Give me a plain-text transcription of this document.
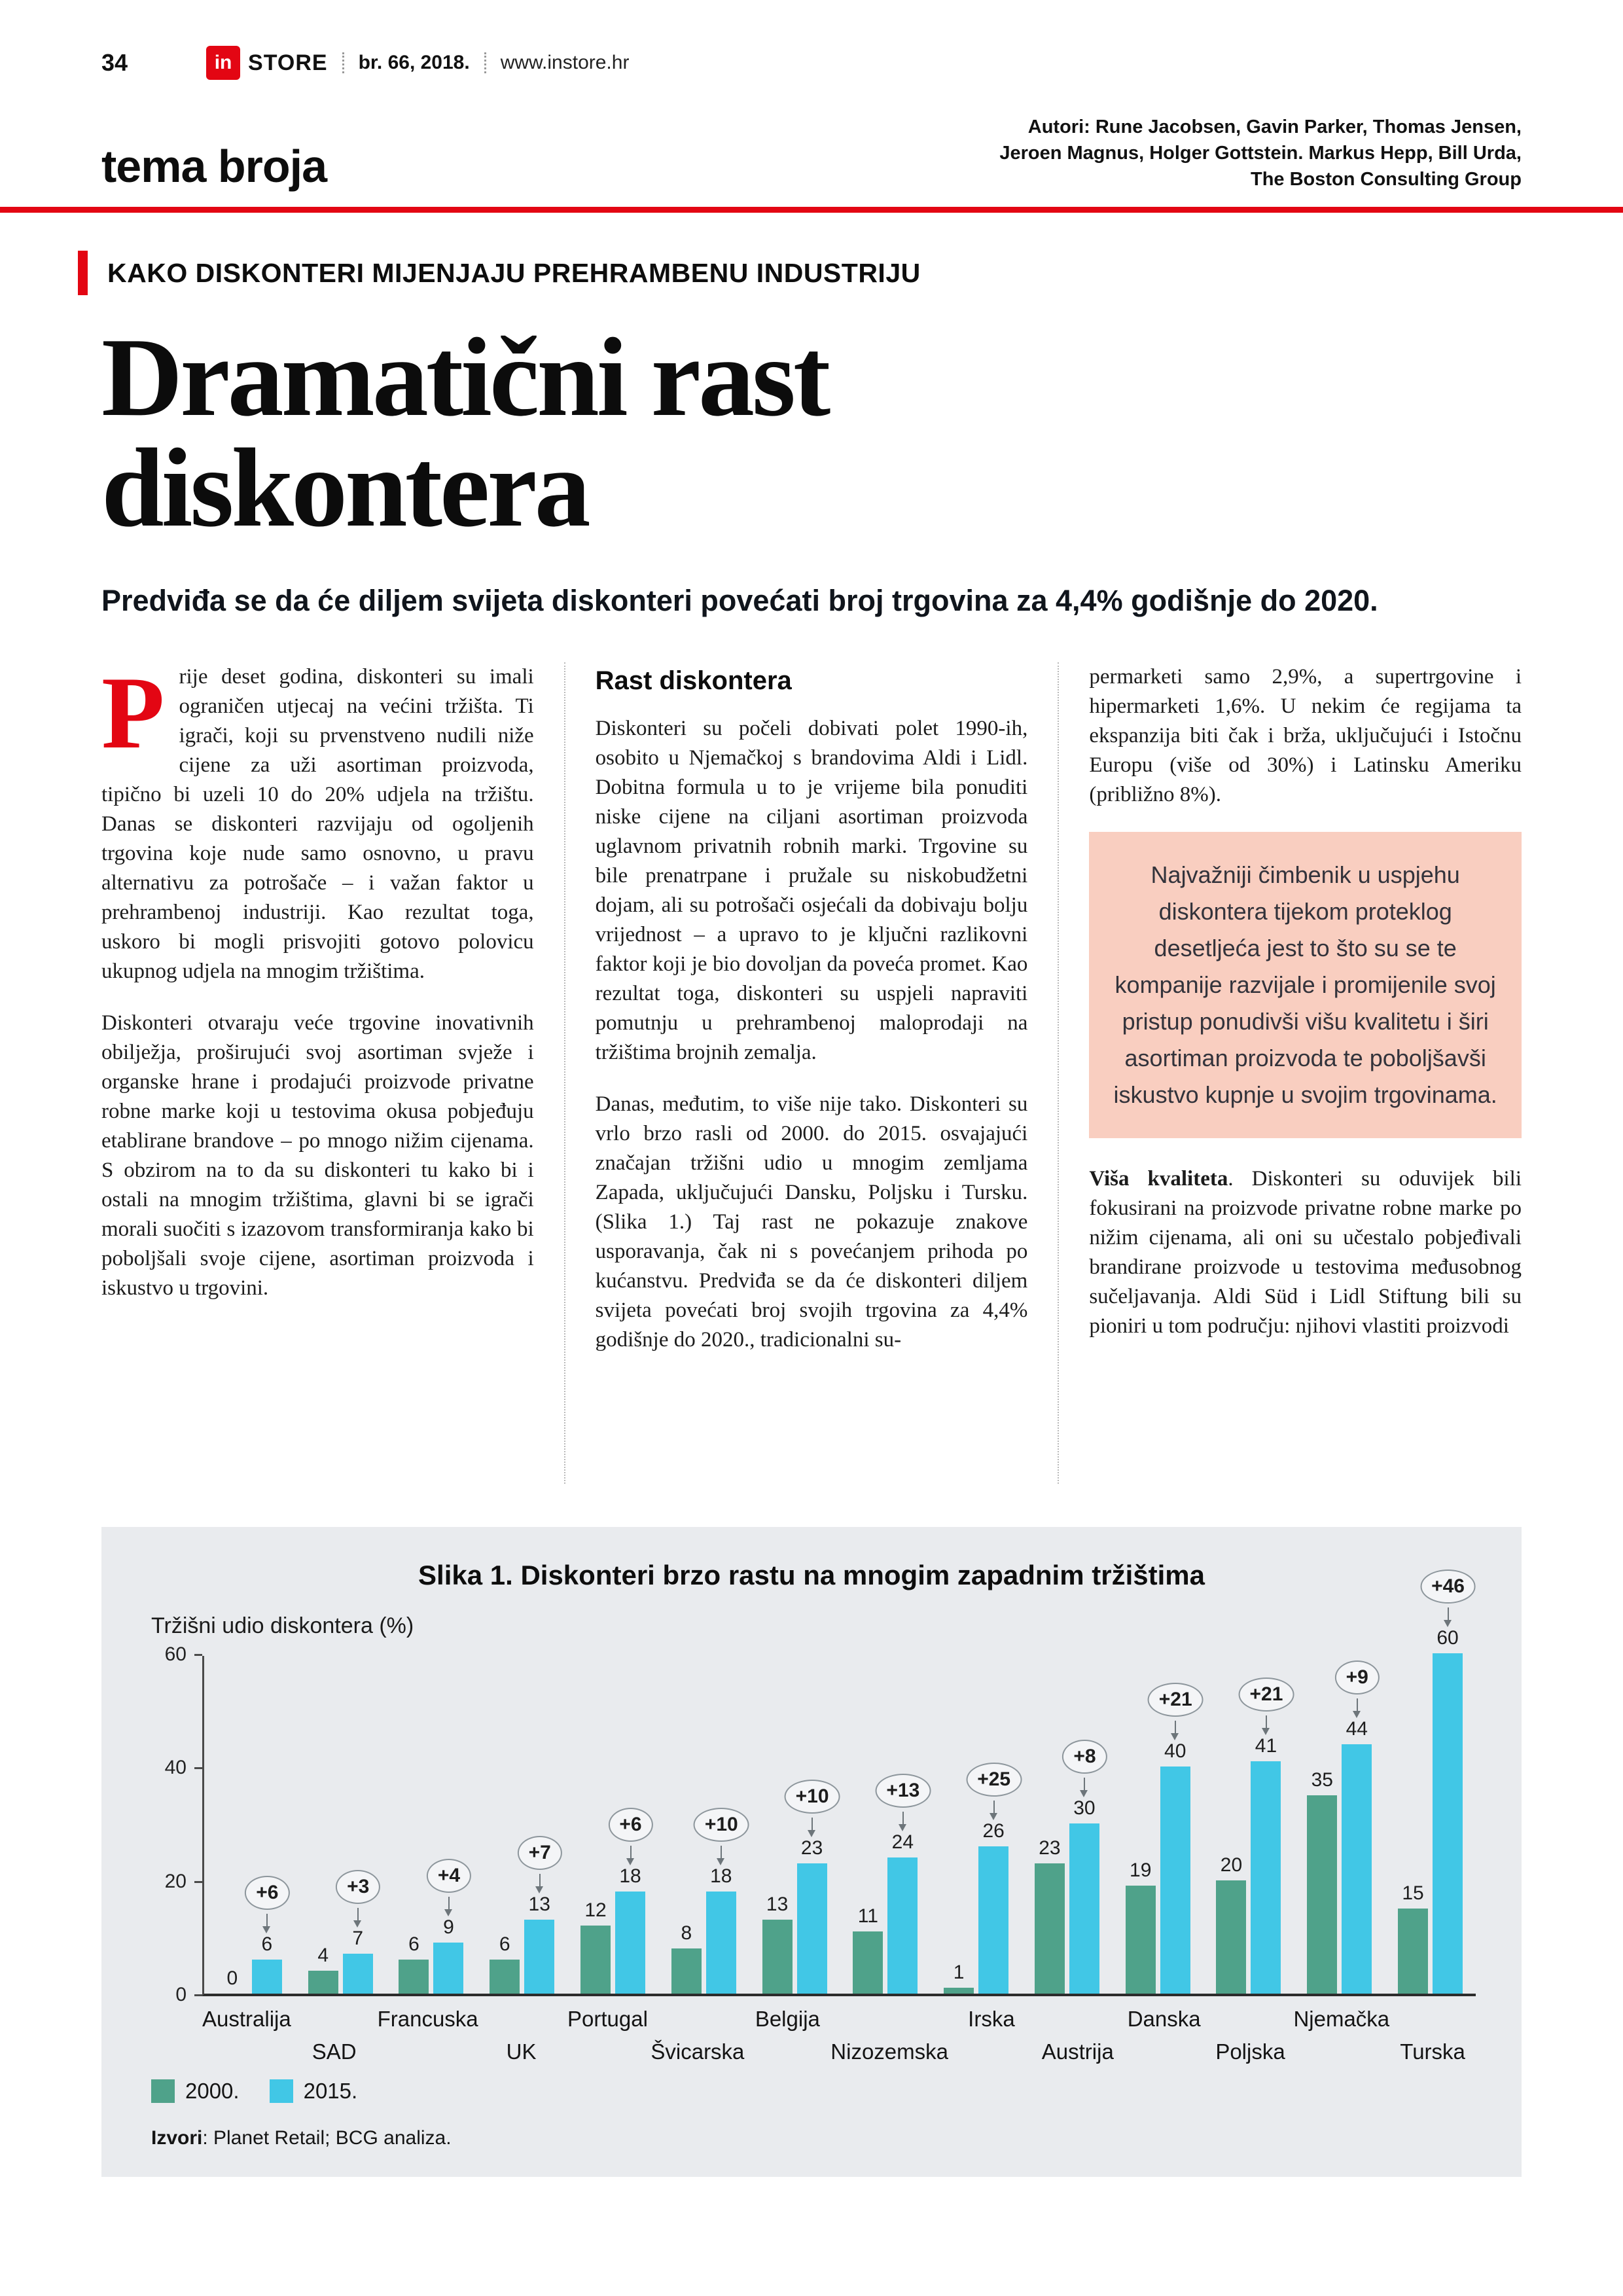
34	in STORE br. 66, 2018. www.instore.hr
tema broja
Autori: Rune Jacobsen, Gavin Parker, Thomas Jensen,
Jeroen Magnus, Holger Gottstein. Markus Hepp, Bill Urda,
The Boston Consulting Group
KAKO DISKONTERI MIJENJAJU PREHRAMBENU INDUSTRIJU
Dramatični rast
diskontera
Predviđa se da će diljem svijeta diskonteri povećati broj trgovina za 4,4% godišnje do 2020.

Prije deset godina, diskonteri su imali ograničen utjecaj na većini tržišta. Ti igrači, koji su prvenstveno nudili niže cijene za uži asortiman proizvoda, tipično bi uzeli 10 do 20% udjela na tržištu. Danas se diskonteri razvijaju od ogoljenih trgovina koje nude samo osnovno, u pravu alternativu za potrošače – i važan faktor u prehrambenoj industriji. Kao rezultat toga, uskoro bi mogli prisvojiti gotovo polovicu ukupnog udjela na mnogim tržištima.

Diskonteri otvaraju veće trgovine inovativnih obilježja, proširujući svoj asortiman svježe i organske hrane i prodajući proizvode privatne robne marke koji u testovima okusa pobjeđuju etablirane brandove – po mnogo nižim cijenama. S obzirom na to da su diskonteri tu kako bi i ostali na mnogim tržištima, glavni bi se igrači morali suočiti s izazovom transformiranja kako bi poboljšali svoje cijene, asortiman proizvoda i iskustvo u trgovini.

Rast diskontera

Diskonteri su počeli dobivati polet 1990-ih, osobito u Njemačkoj s brandovima Aldi i Lidl. Dobitna formula u to je vrijeme bila ponuditi niske cijene na ciljani asortiman proizvoda uglavnom privatnih robnih marki. Trgovine su bile prenatrpane i pružale su niskobudžetni dojam, ali su potrošači osjećali da dobivaju bolju vrijednost – a upravo to je ključni razlikovni faktor koji je bio dovoljan da poveća promet. Kao rezultat toga, diskonteri su uspjeli napraviti pomutnju u prehrambenoj maloprodaji na tržištima brojnih zemalja.

Danas, međutim, to više nije tako. Diskonteri su vrlo brzo rasli od 2000. do 2015. osvajajući značajan tržišni udio u mnogim zemljama Zapada, uključujući Dansku, Poljsku i Tursku. (Slika 1.) Taj rast ne pokazuje znakove usporavanja, čak ni s povećanjem prihoda po kućanstvu. Predviđa se da će diskonteri diljem svijeta povećati broj svojih trgovina za 4,4% godišnje do 2020., tradicionalni su-

permarketi samo 2,9%, a supertrgovine i hipermarketi 1,6%. U nekim će regijama ta ekspanzija biti čak i brža, uključujući i Istočnu Europu (više od 30%) i Latinsku Ameriku (približno 8%).

Najvažniji čimbenik u uspjehu diskontera tijekom proteklog desetljeća jest to što su se te kompanije razvijale i promijenile svoj pristup ponudivši višu kvalitetu i širi asortiman proizvoda te poboljšavši iskustvo kupnje u svojim trgovinama.

Viša kvaliteta. Diskonteri su oduvijek bili fokusirani na proizvode privatne robne marke po nižim cijenama, ali oni su učestalo pobjeđivali brandirane proizvode u testovima međusobnog sučeljavanja. Aldi Süd i Lidl Stiftung bili su pioniri u tom području: njihovi vlastiti proizvodi

Slika 1. Diskonteri brzo rastu na mnogim zapadnim tržištima
Tržišni udio diskontera (%)
0
20
40
60
0
6
+6
4
7
+3
6
9
+4
6
13
+7
12
18
+6
8
18
+10
13
23
+10
11
24
+13
1
26
+25
23
30
+8
19
40
+21
20
41
+21
35
44
+9
15
60
+46
Australija
SAD
Francuska
UK
Portugal
Švicarska
Belgija
Nizozemska
Irska
Austrija
Danska
Poljska
Njemačka
Turska
2000.	2015.
Izvori: Planet Retail; BCG analiza.
